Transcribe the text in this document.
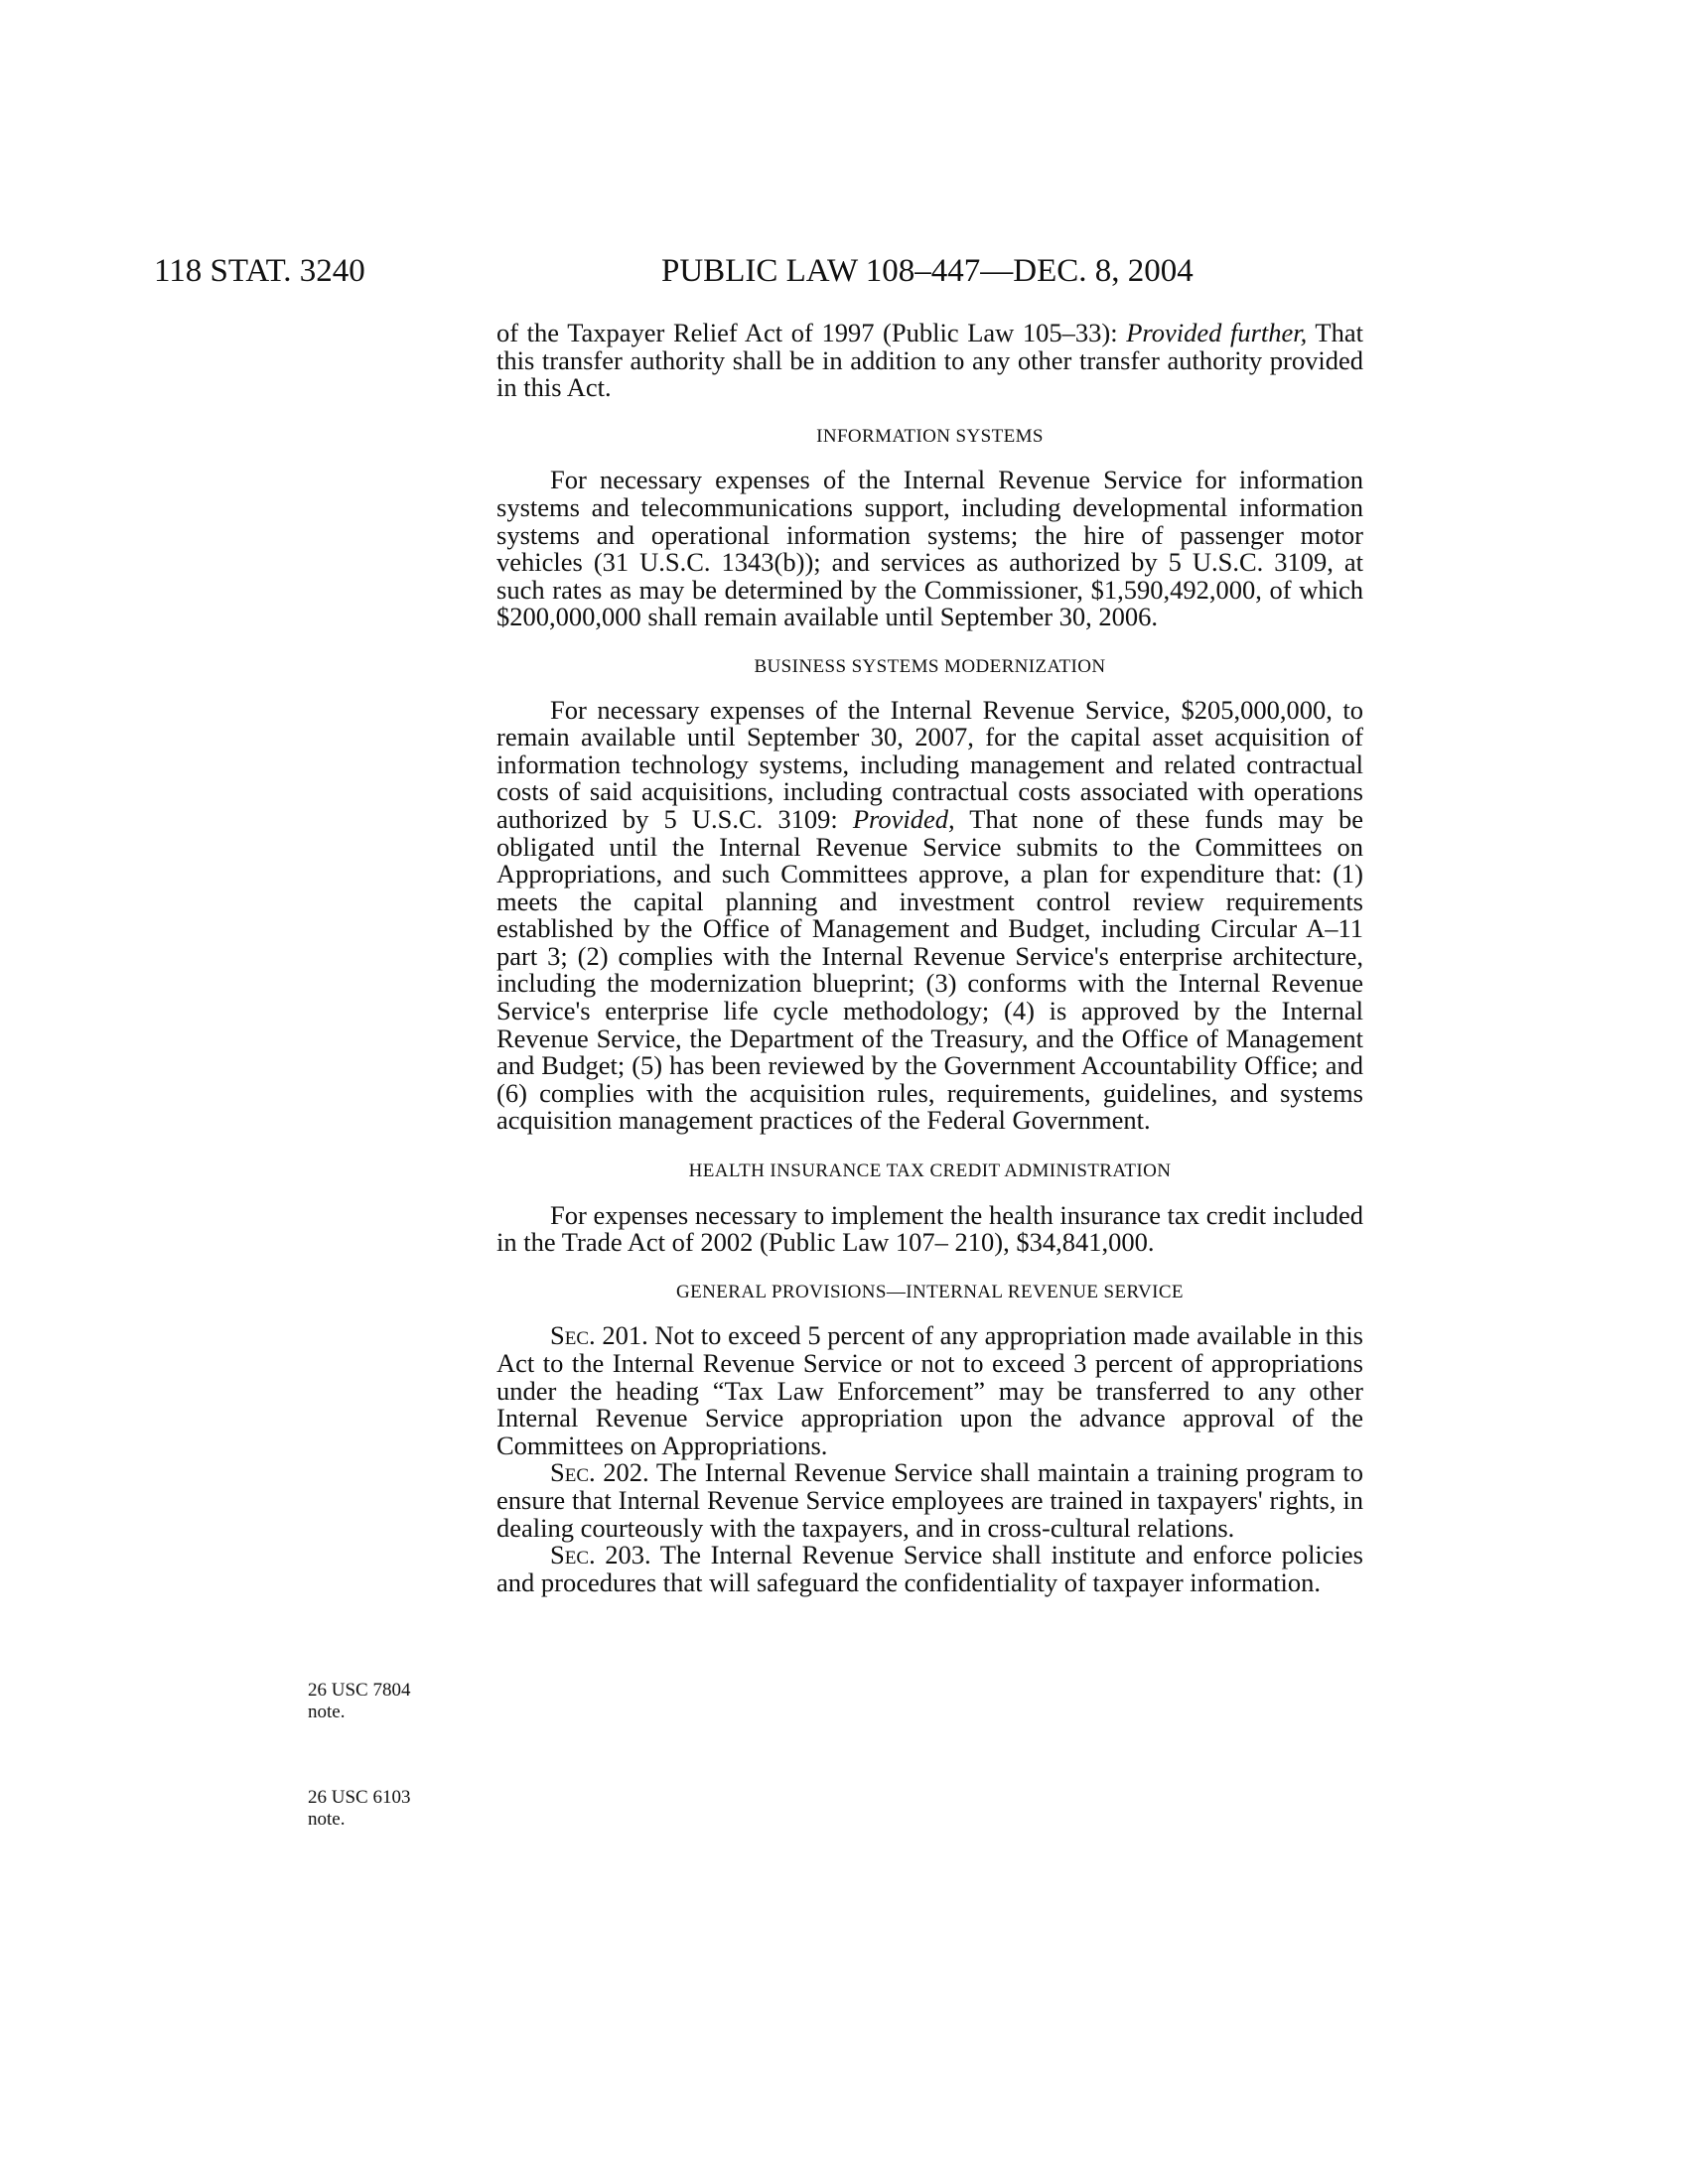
118 STAT. 3240	PUBLIC LAW 108–447—DEC. 8, 2004
26 USC 7804 note.
26 USC 6103 note.

of the Taxpayer Relief Act of 1997 (Public Law 105–33): Provided further, That this transfer authority shall be in addition to any other transfer authority provided in this Act.

INFORMATION SYSTEMS

For necessary expenses of the Internal Revenue Service for information systems and telecommunications support, including developmental information systems and operational information systems; the hire of passenger motor vehicles (31 U.S.C. 1343(b)); and services as authorized by 5 U.S.C. 3109, at such rates as may be determined by the Commissioner, $1,590,492,000, of which $200,000,000 shall remain available until September 30, 2006.

BUSINESS SYSTEMS MODERNIZATION

For necessary expenses of the Internal Revenue Service, $205,000,000, to remain available until September 30, 2007, for the capital asset acquisition of information technology systems, including management and related contractual costs of said acquisitions, including contractual costs associated with operations authorized by 5 U.S.C. 3109: Provided, That none of these funds may be obligated until the Internal Revenue Service submits to the Committees on Appropriations, and such Committees approve, a plan for expenditure that: (1) meets the capital planning and investment control review requirements established by the Office of Management and Budget, including Circular A–11 part 3; (2) complies with the Internal Revenue Service's enterprise architecture, including the modernization blueprint; (3) conforms with the Internal Revenue Service's enterprise life cycle methodology; (4) is approved by the Internal Revenue Service, the Department of the Treasury, and the Office of Management and Budget; (5) has been reviewed by the Government Accountability Office; and (6) complies with the acquisition rules, requirements, guidelines, and systems acquisition management practices of the Federal Government.

HEALTH INSURANCE TAX CREDIT ADMINISTRATION

For expenses necessary to implement the health insurance tax credit included in the Trade Act of 2002 (Public Law 107– 210), $34,841,000.

GENERAL PROVISIONS—INTERNAL REVENUE SERVICE

Sec. 201. Not to exceed 5 percent of any appropriation made available in this Act to the Internal Revenue Service or not to exceed 3 percent of appropriations under the heading “Tax Law Enforcement” may be transferred to any other Internal Revenue Service appropriation upon the advance approval of the Committees on Appropriations.

Sec. 202. The Internal Revenue Service shall maintain a training program to ensure that Internal Revenue Service employees are trained in taxpayers' rights, in dealing courteously with the taxpayers, and in cross-cultural relations.

Sec. 203. The Internal Revenue Service shall institute and enforce policies and procedures that will safeguard the confidentiality of taxpayer information.
